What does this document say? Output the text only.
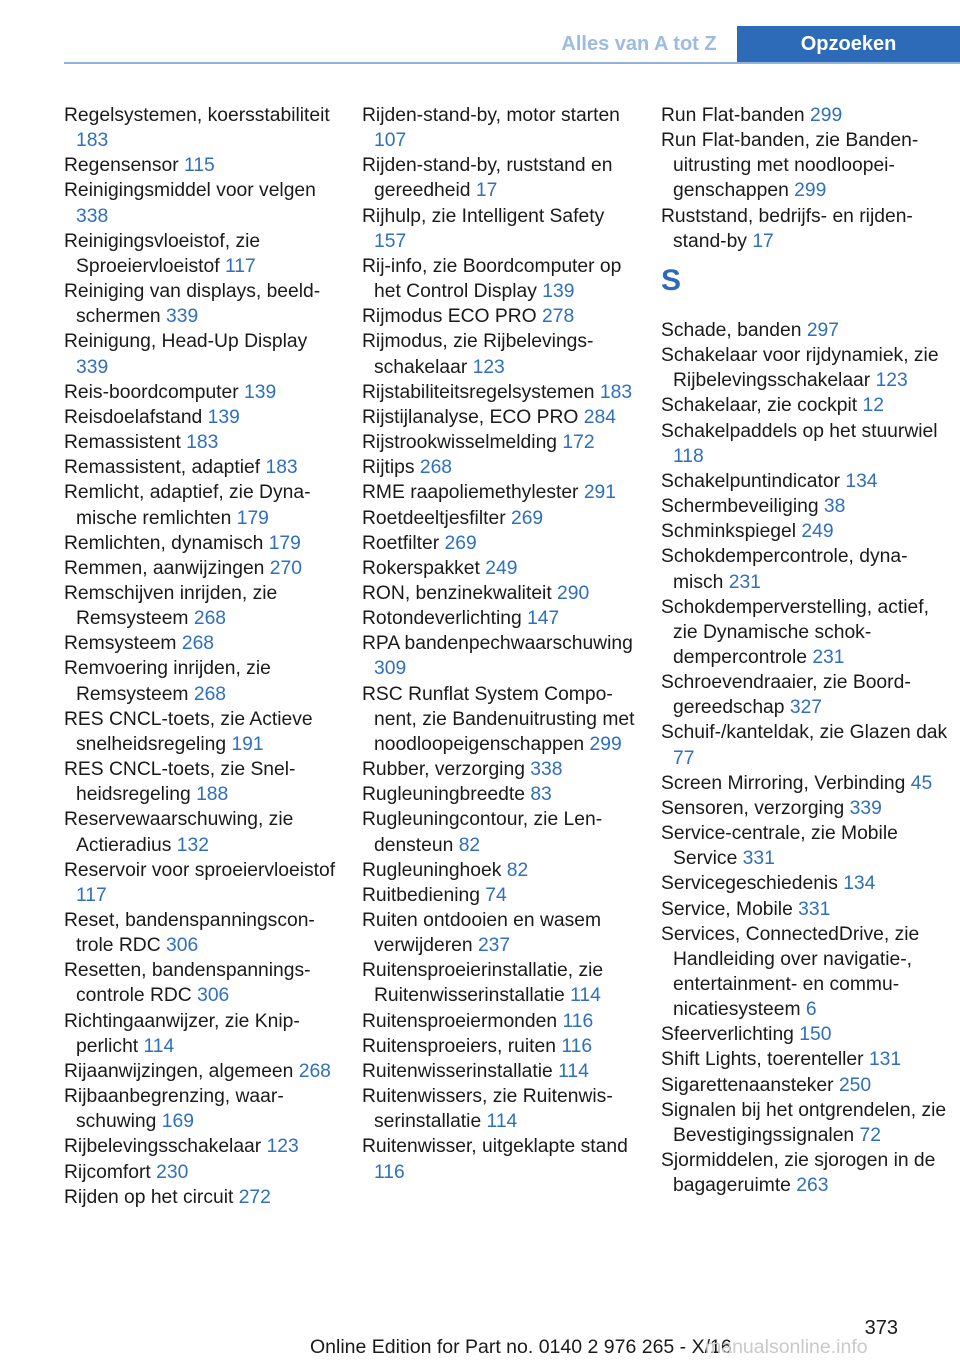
Alles van A tot Z	Opzoeken
Regelsystemen, koersstabiliteit 183
Regensensor 115
Reinigingsmiddel voor velgen 338
Reinigingsvloeistof, zie Sproeiervloeistof 117
Reiniging van displays, beeldschermen 339
Reinigung, Head-Up Display 339
Reis-boordcomputer 139
Reisdoelafstand 139
Remassistent 183
Remassistent, adaptief 183
Remlicht, adaptief, zie Dynamische remlichten 179
Remlichten, dynamisch 179
Remmen, aanwijzingen 270
Remschijven inrijden, zie Remsysteem 268
Remsysteem 268
Remvoering inrijden, zie Remsysteem 268
RES CNCL-toets, zie Actieve snelheidsregeling 191
RES CNCL-toets, zie Snelheidsregeling 188
Reservewaarschuwing, zie Actieradius 132
Reservoir voor sproeiervloeistof 117
Reset, bandenspanningscontrole RDC 306
Resetten, bandenspanningscontrole RDC 306
Richtingaanwijzer, zie Knipperlicht 114
Rijaanwijzingen, algemeen 268
Rijbaanbegrenzing, waarschuwing 169
Rijbelevingsschakelaar 123
Rijcomfort 230
Rijden op het circuit 272
Rijden-stand-by, motor starten 107
Rijden-stand-by, ruststand en gereedheid 17
Rijhulp, zie Intelligent Safety 157
Rij-info, zie Boordcomputer op het Control Display 139
Rijmodus ECO PRO 278
Rijmodus, zie Rijbelevingsschakelaar 123
Rijstabiliteitsregelsystemen 183
Rijstijlanalyse, ECO PRO 284
Rijstrookwisselmelding 172
Rijtips 268
RME raapoliemethylester 291
Roetdeeltjesfilter 269
Roetfilter 269
Rokerspakket 249
RON, benzinekwaliteit 290
Rotondeverlichting 147
RPA bandenpechwaarschuwing 309
RSC Runflat System Component, zie Bandenuitrusting met noodloopeigenschappen 299
Rubber, verzorging 338
Rugleuningbreedte 83
Rugleuningcontour, zie Lendensteun 82
Rugleuninghoek 82
Ruitbediening 74
Ruiten ontdooien en wasem verwijderen 237
Ruitensproeierinstallatie, zie Ruitenwisserinstallatie 114
Ruitensproeiermonden 116
Ruitensproeiers, ruiten 116
Ruitenwisserinstallatie 114
Ruitenwissers, zie Ruitenwisserinstallatie 114
Ruitenwisser, uitgeklapte stand 116
Run Flat-banden 299
Run Flat-banden, zie Bandenuitrusting met noodloopeigenschappen 299
Ruststand, bedrijfs- en rijden-stand-by 17
S
Schade, banden 297
Schakelaar voor rijdynamiek, zie Rijbelevingsschakelaar 123
Schakelaar, zie cockpit 12
Schakelpaddels op het stuurwiel 118
Schakelpuntindicator 134
Schermbeveiliging 38
Schminkspiegel 249
Schokdempercontrole, dynamisch 231
Schokdemperverstelling, actief, zie Dynamische schokdempercontrole 231
Schroevendraaier, zie Boordgereedschap 327
Schuif-/kanteldak, zie Glazen dak 77
Screen Mirroring, Verbinding 45
Sensoren, verzorging 339
Service-centrale, zie Mobile Service 331
Servicegeschiedenis 134
Service, Mobile 331
Services, ConnectedDrive, zie Handleiding over navigatie-, entertainment- en communicatiesysteem 6
Sfeerverlichting 150
Shift Lights, toerenteller 131
Sigarettenaansteker 250
Signalen bij het ontgrendelen, zie Bevestigingssignalen 72
Sjormiddelen, zie sjorogen in de bagageruimte 263
373
Online Edition for Part no. 0140 2 976 265 - X/16
manualsonline.info
